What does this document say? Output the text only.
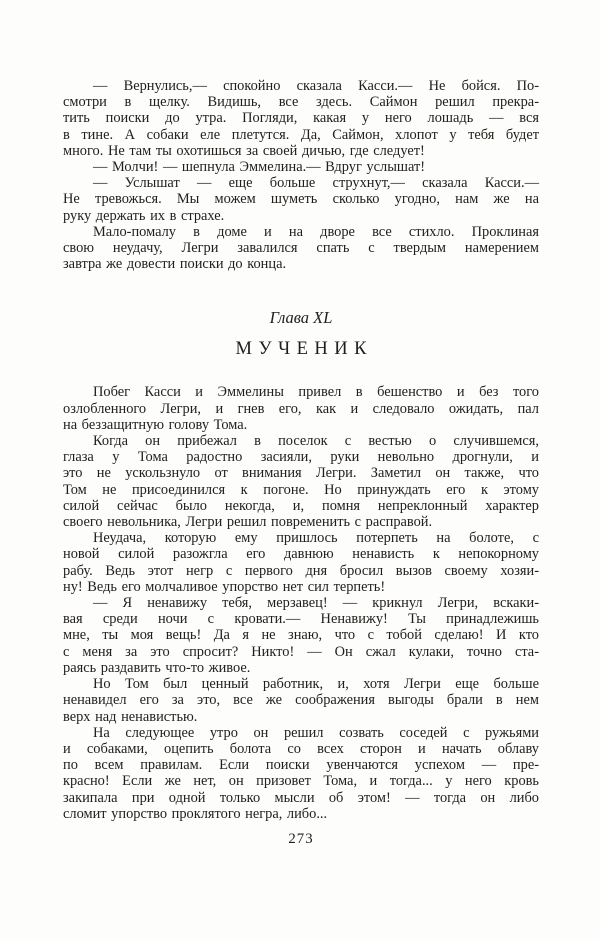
— Вернулись,— спокойно сказала Касси.— Не бойся. По-
смотри в щелку. Видишь, все здесь. Саймон решил прекра-
тить поиски до утра. Погляди, какая у него лошадь — вся
в тине. А собаки еле плетутся. Да, Саймон, хлопот у тебя будет
много. Не там ты охотишься за своей дичью, где следует!
— Молчи! — шепнула Эммелина.— Вдруг услышат!
— Услышат — еще больше струхнут,— сказала Касси.—
Не тревожься. Мы можем шуметь сколько угодно, нам же на
руку держать их в страхе.
Мало-помалу в доме и на дворе все стихло. Проклиная
свою неудачу, Легри завалился спать с твердым намерением
завтра же довести поиски до конца.
Глава XL
МУЧЕНИК
Побег Касси и Эммелины привел в бешенство и без того
озлобленного Легри, и гнев его, как и следовало ожидать, пал
на беззащитную голову Тома.
Когда он прибежал в поселок с вестью о случившемся,
глаза у Тома радостно засияли, руки невольно дрогнули, и
это не ускользнуло от внимания Легри. Заметил он также, что
Том не присоединился к погоне. Но принуждать его к этому
силой сейчас было некогда, и, помня непреклонный характер
своего невольника, Легри решил повременить с расправой.
Неудача, которую ему пришлось потерпеть на болоте, с
новой силой разожгла его давнюю ненависть к непокорному
рабу. Ведь этот негр с первого дня бросил вызов своему хозяи-
ну! Ведь его молчаливое упорство нет сил терпеть!
— Я ненавижу тебя, мерзавец! — крикнул Легри, вскаки-
вая среди ночи с кровати.— Ненавижу! Ты принадлежишь
мне, ты моя вещь! Да я не знаю, что с тобой сделаю! И кто
с меня за это спросит? Никто! — Он сжал кулаки, точно ста-
раясь раздавить что-то живое.
Но Том был ценный работник, и, хотя Легри еще больше
ненавидел его за это, все же соображения выгоды брали в нем
верх над ненавистью.
На следующее утро он решил созвать соседей с ружьями
и собаками, оцепить болота со всех сторон и начать облаву
по всем правилам. Если поиски увенчаются успехом — пре-
красно! Если же нет, он призовет Тома, и тогда... у него кровь
закипала при одной только мысли об этом! — тогда он либо
сломит упорство проклятого негра, либо...
273
